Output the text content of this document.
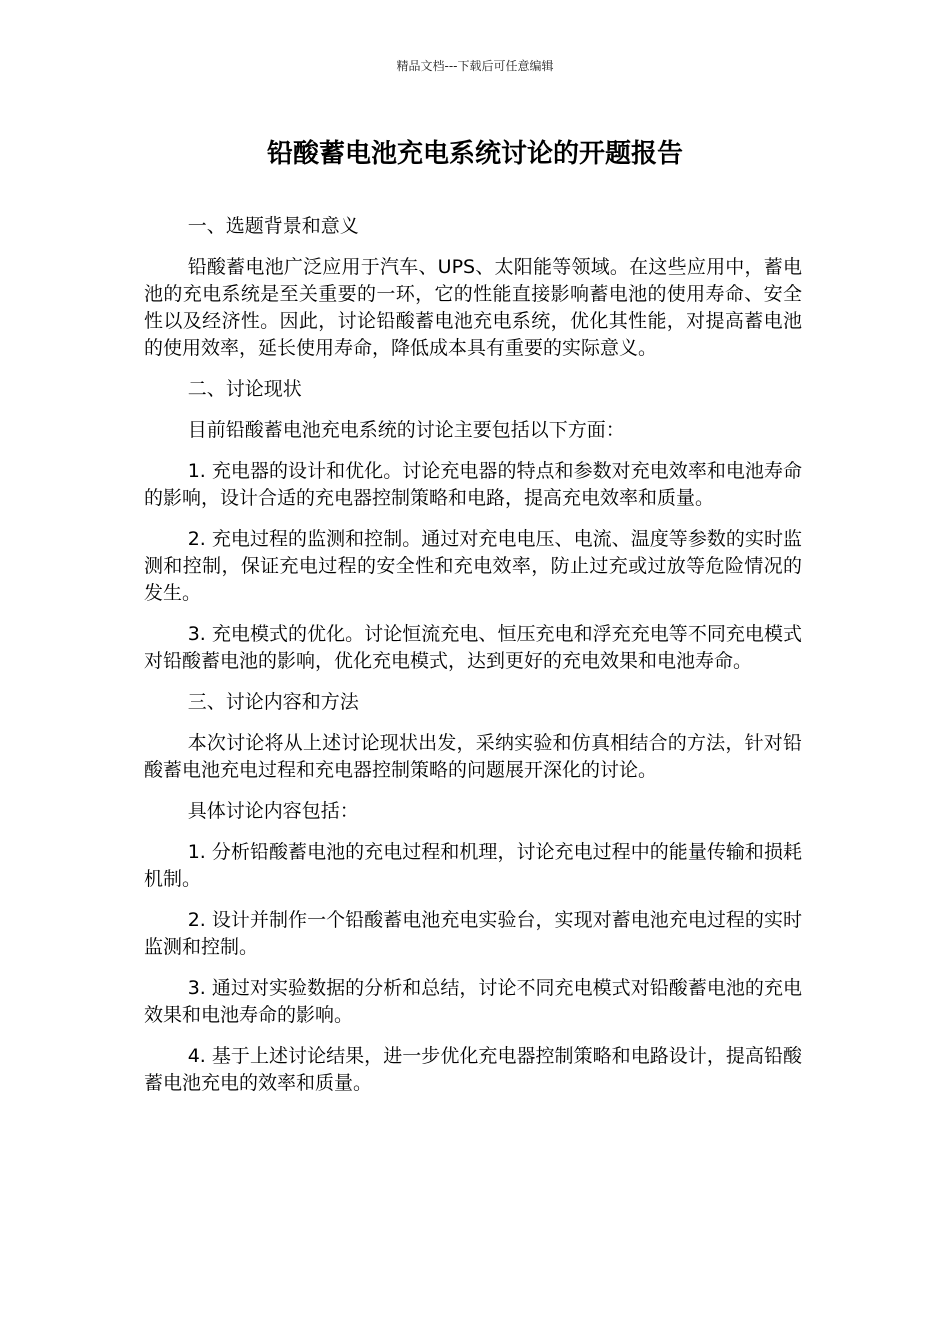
精品文档---下载后可任意编辑
铅酸蓄电池充电系统讨论的开题报告

一、选题背景和意义

铅酸蓄电池广泛应用于汽车、UPS、太阳能等领域。在这些应用中，蓄电池的充电系统是至关重要的一环，它的性能直接影响蓄电池的使用寿命、安全性以及经济性。因此，讨论铅酸蓄电池充电系统，优化其性能，对提高蓄电池的使用效率，延长使用寿命，降低成本具有重要的实际意义。

二、讨论现状

目前铅酸蓄电池充电系统的讨论主要包括以下方面：

1. 充电器的设计和优化。讨论充电器的特点和参数对充电效率和电池寿命的影响，设计合适的充电器控制策略和电路，提高充电效率和质量。

2. 充电过程的监测和控制。通过对充电电压、电流、温度等参数的实时监测和控制，保证充电过程的安全性和充电效率，防止过充或过放等危险情况的发生。

3. 充电模式的优化。讨论恒流充电、恒压充电和浮充充电等不同充电模式对铅酸蓄电池的影响，优化充电模式，达到更好的充电效果和电池寿命。

三、讨论内容和方法

本次讨论将从上述讨论现状出发，采纳实验和仿真相结合的方法，针对铅酸蓄电池充电过程和充电器控制策略的问题展开深化的讨论。

具体讨论内容包括：

1. 分析铅酸蓄电池的充电过程和机理，讨论充电过程中的能量传输和损耗机制。

2. 设计并制作一个铅酸蓄电池充电实验台，实现对蓄电池充电过程的实时监测和控制。

3. 通过对实验数据的分析和总结，讨论不同充电模式对铅酸蓄电池的充电效果和电池寿命的影响。

4. 基于上述讨论结果，进一步优化充电器控制策略和电路设计，提高铅酸蓄电池充电的效率和质量。
